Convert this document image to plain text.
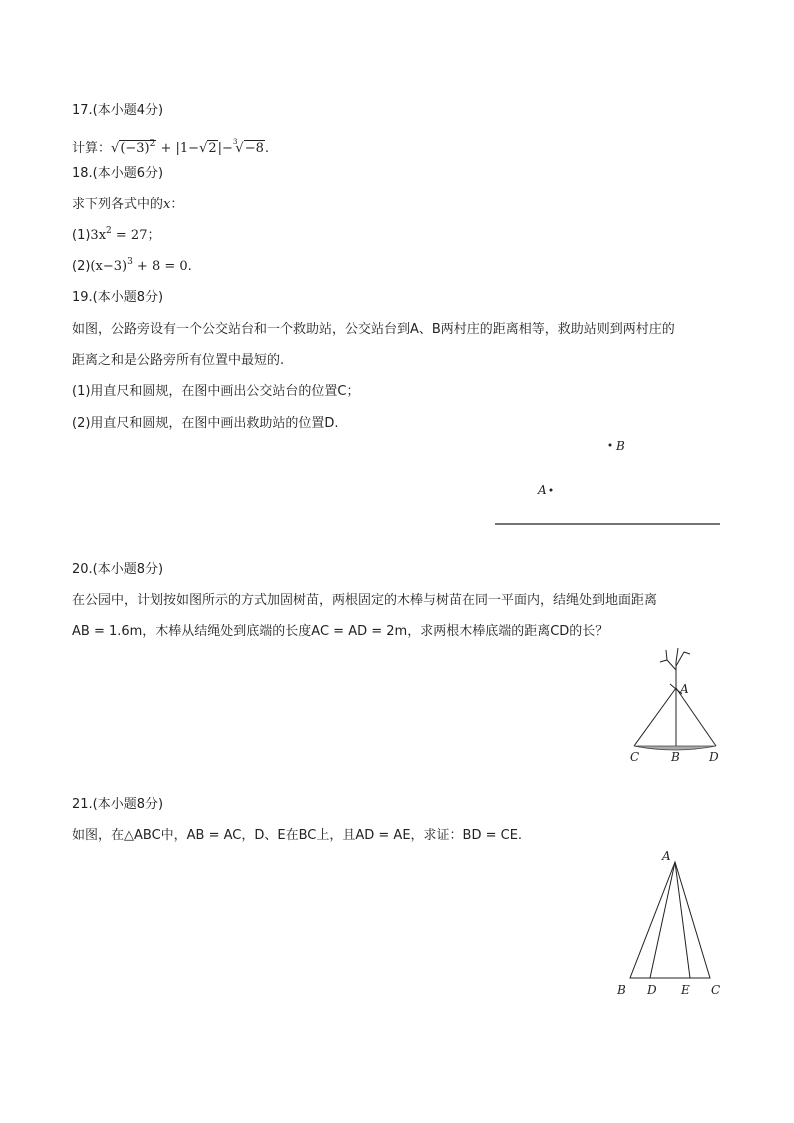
17.(本小题4分)
计算：$√(-3)^2 + |1-√2|-^3√-8$.
18.(本小题6分)
求下列各式中的x：
$(1)3x^2 = 27$；
$(2)(x-3)^3 + 8 = 0$.
19.(本小题8分)
如图，公路旁设有一个公交站台和一个救助站，公交站台到A、B两村庄的距离相等，救助站则到两村庄的
距离之和是公路旁所有位置中最短的.
(1)用直尺和圆规，在图中画出公交站台的位置C；
(2)用直尺和圆规，在图中画出救助站的位置D.
B
A
20.(本小题8分)
在公园中，计划按如图所示的方式加固树苗，两根固定的木棒与树苗在同一平面内，结绳处到地面距离
AB = 1.6m，木棒从结绳处到底端的长度AC = AD = 2m，求两根木棒底端的距离CD的长？
A
C	B D
21.(本小题8分)
如图，在△ABC中，AB = AC，D、E在BC上，且AD = AE，求证：BD = CE.
A
B D E C
